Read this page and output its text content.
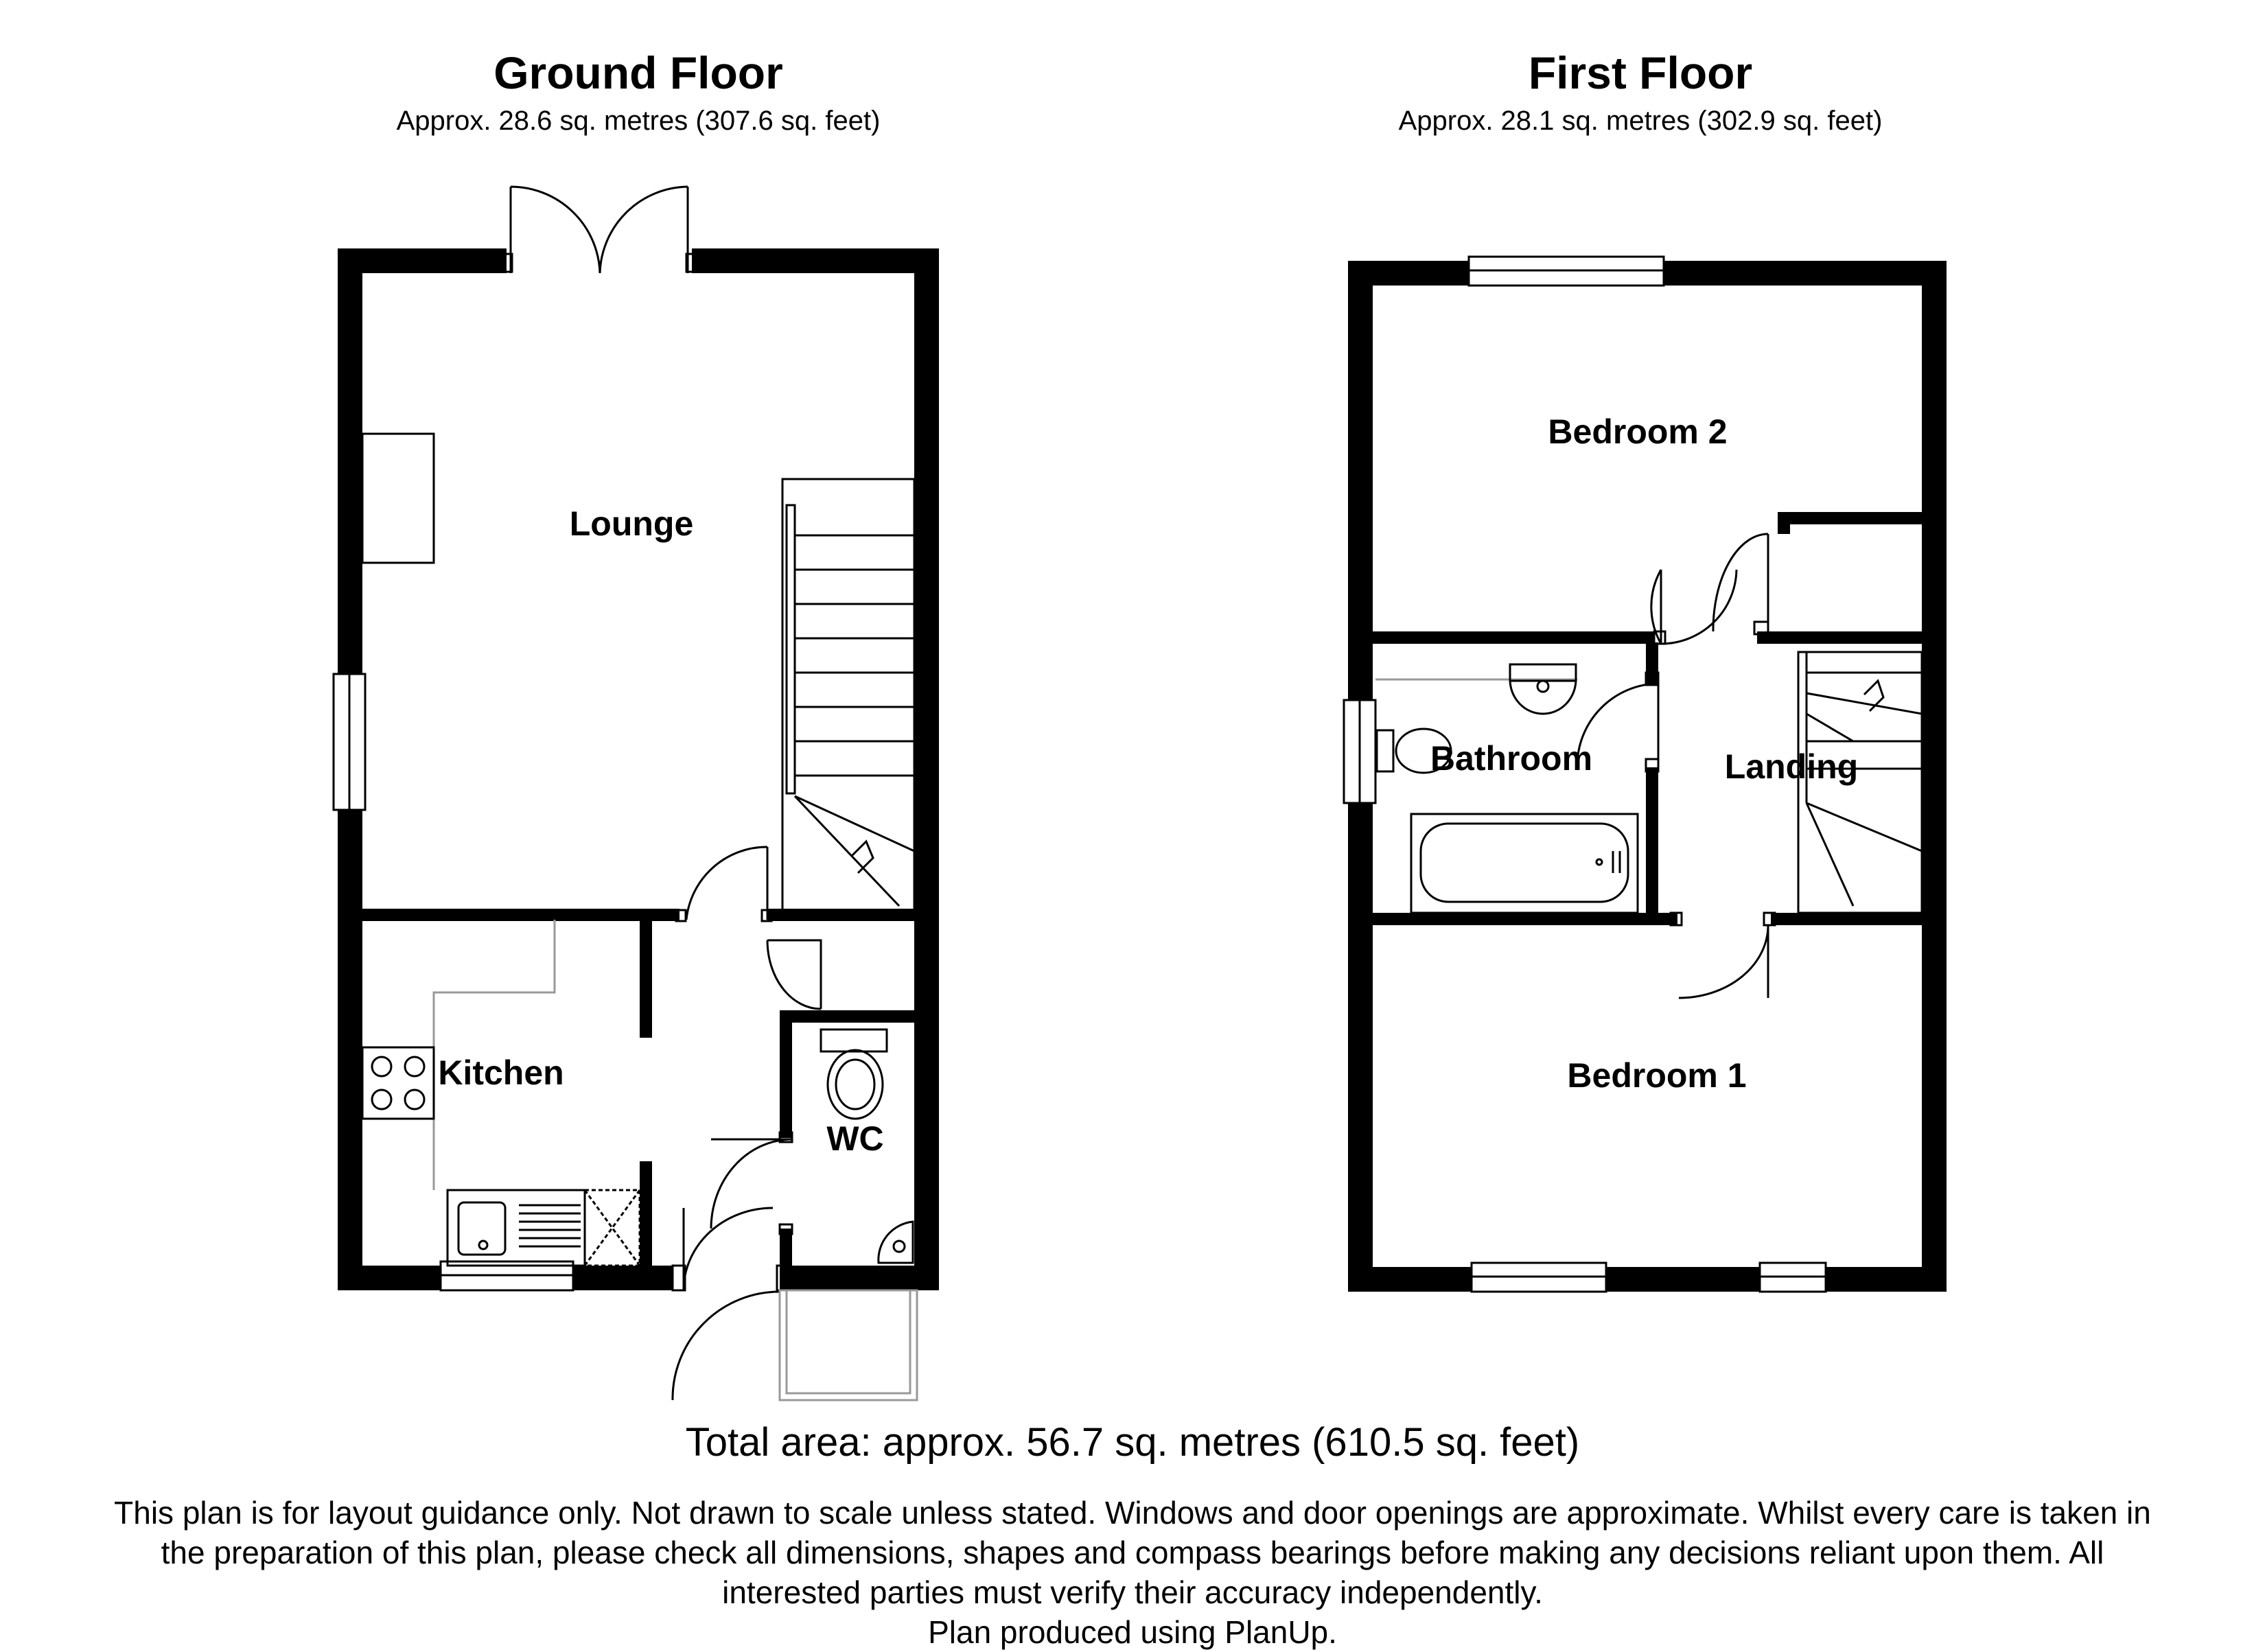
Ground Floor
Approx. 28.6 sq. metres (307.6 sq. feet)
First Floor
Approx. 28.1 sq. metres (302.9 sq. feet)
Lounge
Kitchen
WC
Bedroom 2
Bathroom	Landing
Bedroom 1
Total area: approx. 56.7 sq. metres (610.5 sq. feet)
This plan is for layout guidance only. Not drawn to scale unless stated. Windows and door openings are approximate. Whilst every care is taken in
the preparation of this plan, please check all dimensions, shapes and compass bearings before making any decisions reliant upon them. All
interested parties must verify their accuracy independently.
Plan produced using PlanUp.
